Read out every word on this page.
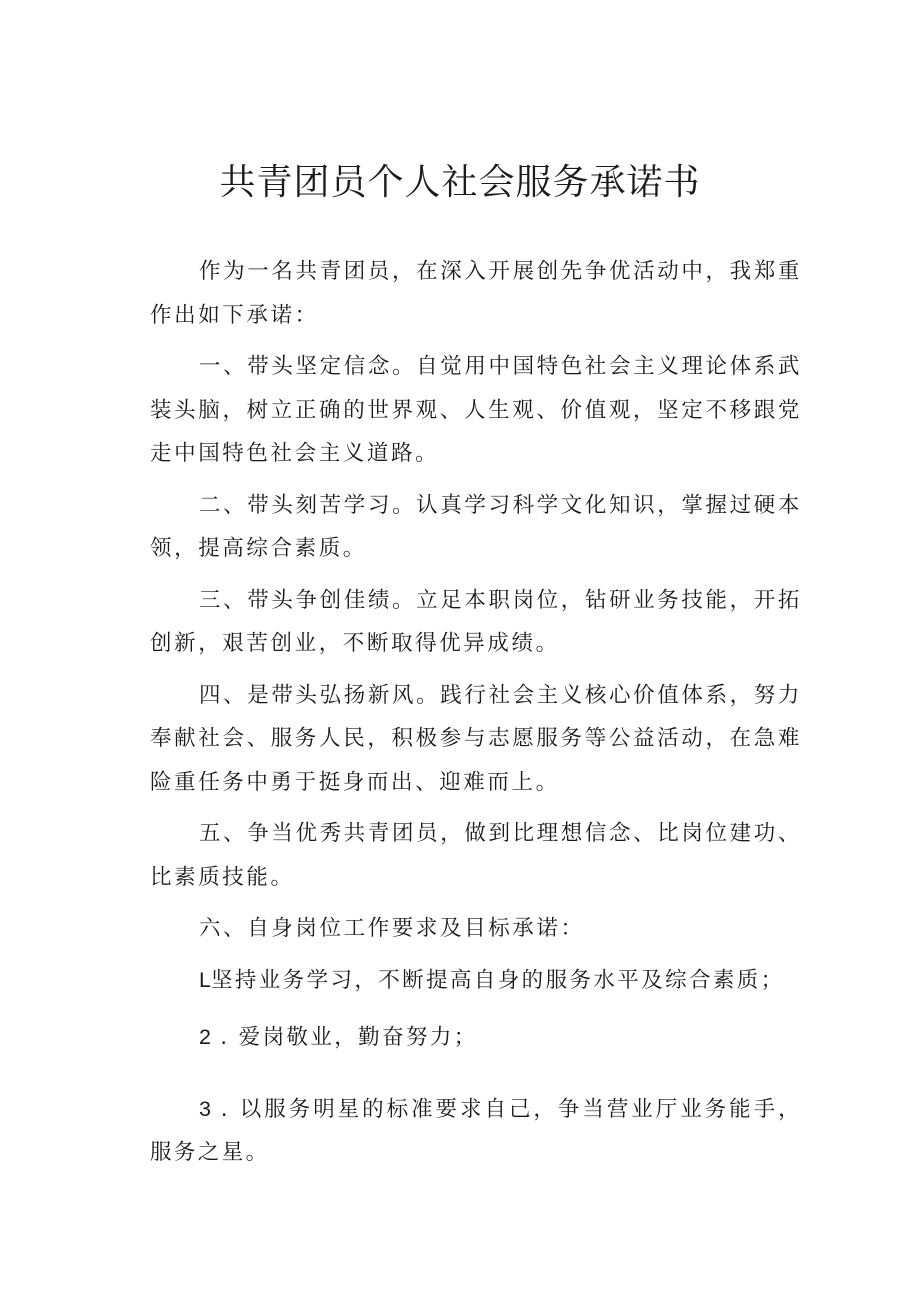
共青团员个人社会服务承诺书

作为一名共青团员，在深入开展创先争优活动中，我郑重作出如下承诺：

一、带头坚定信念。自觉用中国特色社会主义理论体系武装头脑，树立正确的世界观、人生观、价值观，坚定不移跟党走中国特色社会主义道路。

二、带头刻苦学习。认真学习科学文化知识，掌握过硬本领，提高综合素质。

三、带头争创佳绩。立足本职岗位，钻研业务技能，开拓创新，艰苦创业，不断取得优异成绩。

四、是带头弘扬新风。践行社会主义核心价值体系，努力奉献社会、服务人民，积极参与志愿服务等公益活动，在急难险重任务中勇于挺身而出、迎难而上。

五、争当优秀共青团员，做到比理想信念、比岗位建功、比素质技能。

六、自身岗位工作要求及目标承诺：

L坚持业务学习，不断提高自身的服务水平及综合素质；

2 . 爱岗敬业，勤奋努力；

3 . 以服务明星的标准要求自己，争当营业厅业务能手，服务之星。
